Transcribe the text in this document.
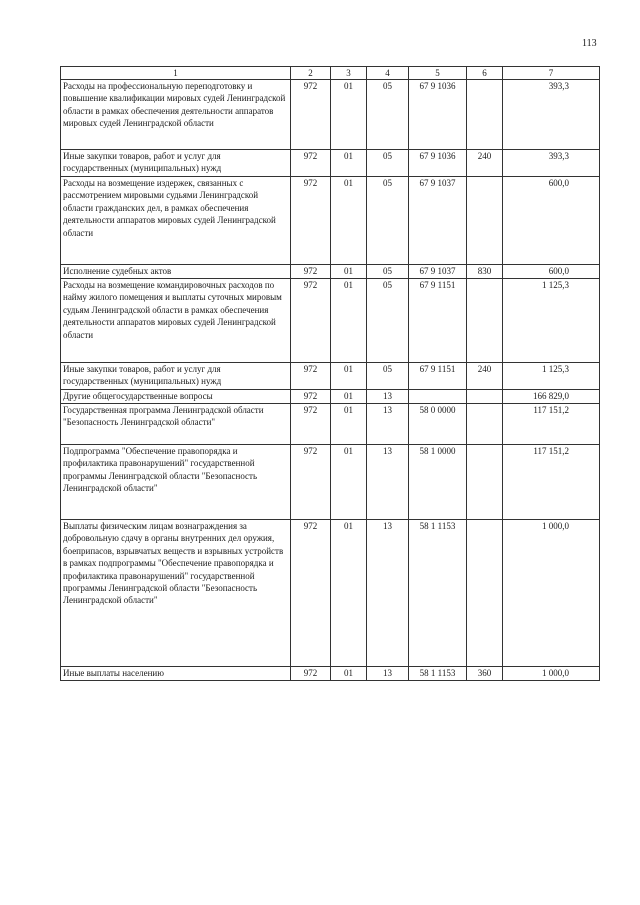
113
1	2	3	4	5	6	7
Расходы на профессиональную переподготовку и повышение квалификации мировых судей Ленинградской области в рамках обеспечения деятельности аппаратов мировых судей Ленинградской области	972	01	05	67 9 1036		393,3
Иные закупки товаров, работ и услуг для государственных (муниципальных) нужд	972	01	05	67 9 1036	240	393,3
Расходы на возмещение издержек, связанных с рассмотрением мировыми судьями Ленинградской области гражданских дел, в рамках обеспечения деятельности аппаратов мировых судей Ленинградской области	972	01	05	67 9 1037		600,0
Исполнение судебных актов	972	01	05	67 9 1037	830	600,0
Расходы на возмещение командировочных расходов по найму жилого помещения и выплаты суточных мировым судьям Ленинградской области в рамках обеспечения деятельности аппаратов мировых судей Ленинградской области	972	01	05	67 9 1151		1 125,3
Иные закупки товаров, работ и услуг для государственных (муниципальных) нужд	972	01	05	67 9 1151	240	1 125,3
Другие общегосударственные вопросы	972	01	13			166 829,0
Государственная программа Ленинградской области "Безопасность Ленинградской области"	972	01	13	58 0 0000		117 151,2
Подпрограмма "Обеспечение правопорядка и профилактика правонарушений" государственной программы Ленинградской области "Безопасность Ленинградской области"	972	01	13	58 1 0000		117 151,2
Выплаты физическим лицам вознаграждения за добровольную сдачу в органы внутренних дел оружия, боеприпасов, взрывчатых веществ и взрывных устройств в рамках подпрограммы "Обеспечение правопорядка и профилактика правонарушений" государственной программы Ленинградской области "Безопасность Ленинградской области"	972	01	13	58 1 1153		1 000,0
Иные выплаты населению	972	01	13	58 1 1153	360	1 000,0
